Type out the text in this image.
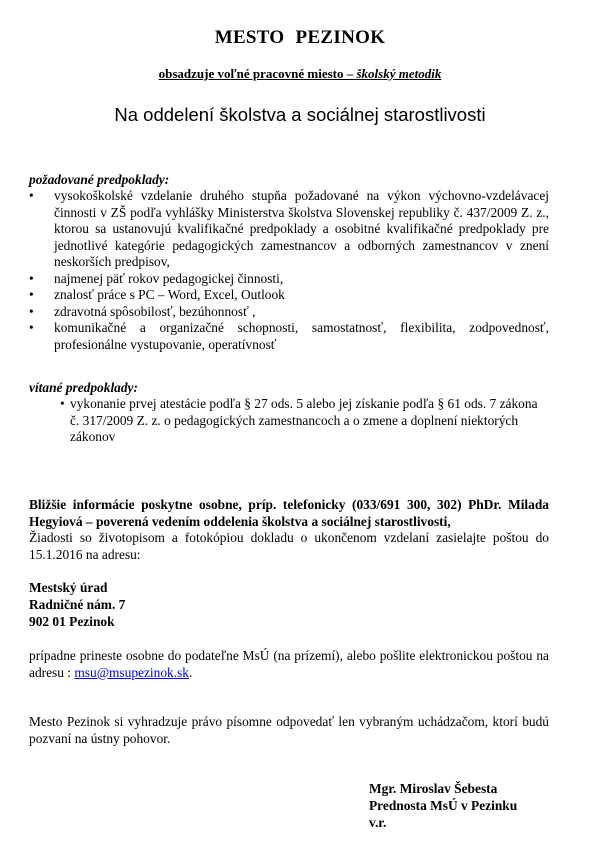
MESTO PEZINOK
obsadzuje voľné pracovné miesto – školský metodik
Na oddelení školstva a sociálnej starostlivosti
požadované predpoklady:
•	vysokoškolské vzdelanie druhého stupňa požadované na výkon výchovno-vzdelávacej činnosti v ZŠ podľa vyhlášky Ministerstva školstva Slovenskej republiky č. 437/2009 Z. z., ktorou sa ustanovujú kvalifikačné predpoklady a osobitné kvalifikačné predpoklady pre jednotlivé kategórie pedagogických zamestnancov a odborných zamestnancov v znení neskorších predpisov,
•	najmenej päť rokov pedagogickej činnosti,
•	znalosť práce s PC – Word, Excel, Outlook
•	zdravotná spôsobilosť, bezúhonnosť ,
•	komunikačné a organizačné schopnosti, samostatnosť, flexibilita, zodpovednosť, profesionálne vystupovanie, operatívnosť
vítané predpoklady:
• vykonanie prvej atestácie podľa § 27 ods. 5 alebo jej získanie podľa § 61 ods. 7 zákona č. 317/2009 Z. z. o pedagogických zamestnancoch a o zmene a doplnení niektorých zákonov
Bližšie informácie poskytne osobne, príp. telefonicky (033/691 300, 302) PhDr. Milada Hegyiová – poverená vedením oddelenia školstva a sociálnej starostlivosti,
Žiadosti so životopisom a fotokópiou dokladu o ukončenom vzdelaní zasielajte poštou do 15.1.2016 na adresu:
Mestský úrad
Radničné nám. 7
902 01 Pezinok
prípadne prineste osobne do podateľne MsÚ (na prízemí), alebo pošlite elektronickou poštou na adresu : msu@msupezinok.sk.
Mesto Pezinok si vyhradzuje právo písomne odpovedať len vybraným uchádzačom, ktorí budú pozvaní na ústny pohovor.
Mgr. Miroslav Šebesta
Prednosta MsÚ v Pezinku
v.r.
